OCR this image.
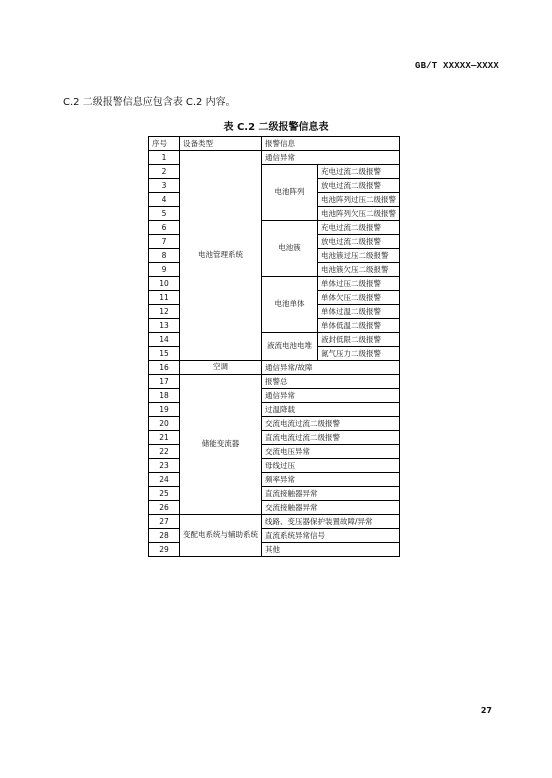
GB/T XXXXX—XXXX
C.2 二级报警信息应包含表 C.2 内容。
表 C.2 二级报警信息表
序号	设备类型	报警信息	
1	电池管理系统	通信异常	
2		电池阵列	充电过流二级报警
3			放电过流二级报警
4			电池阵列过压二级报警
5			电池阵列欠压二级报警
6		电池簇	充电过流二级报警
7			放电过流二级报警
8			电池簇过压二级报警
9			电池簇欠压二级报警
10		电池单体	单体过压二级报警
11			单体欠压二级报警
12			单体过温二级报警
13			单体低温二级报警
14		液流电池电堆	液封低限二级报警
15			氮气压力二级报警
16	空调	通信异常/故障	
17	储能变流器	报警总	
18		通信异常	
19		过温降载	
20		交流电流过流二级报警	
21		直流电流过流二级报警	
22		交流电压异常	
23		母线过压	
24		频率异常	
25		直流接触器异常	
26		交流接触器异常	
27	变配电系统与辅助系统	线路、变压器保护装置故障/异常	
28		直流系统异常信号	
29		其他	
27
